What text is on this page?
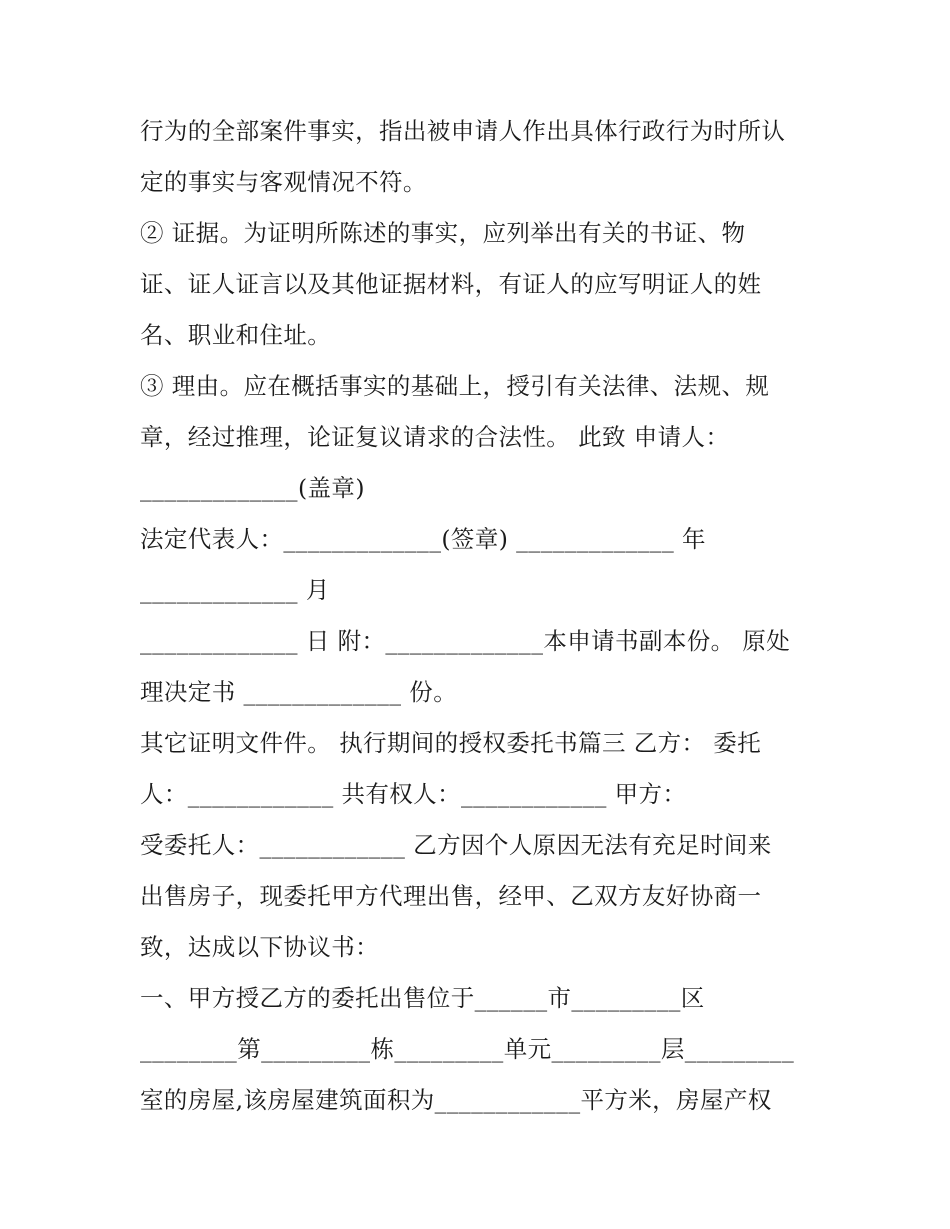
行为的全部案件事实，指出被申请人作出具体行政行为时所认
定的事实与客观情况不符。
② 证据。为证明所陈述的事实，应列举出有关的书证、物
证、证人证言以及其他证据材料，有证人的应写明证人的姓
名、职业和住址。
③ 理由。应在概括事实的基础上，授引有关法律、法规、规
章，经过推理，论证复议请求的合法性。 此致 申请人：
_____________(盖章)
法定代表人：_____________(签章) _____________ 年
_____________ 月
_____________ 日 附：_____________本申请书副本份。 原处
理决定书 _____________ 份。
其它证明文件件。 执行期间的授权委托书篇三 乙方： 委托
人：____________ 共有权人：____________ 甲方：
受委托人：____________ 乙方因个人原因无法有充足时间来
出售房子，现委托甲方代理出售，经甲、乙双方友好协商一
致，达成以下协议书：
一、甲方授乙方的委托出售位于______市_________区
________第_________栋_________单元_________层_________
室的房屋,该房屋建筑面积为____________平方米，房屋产权
